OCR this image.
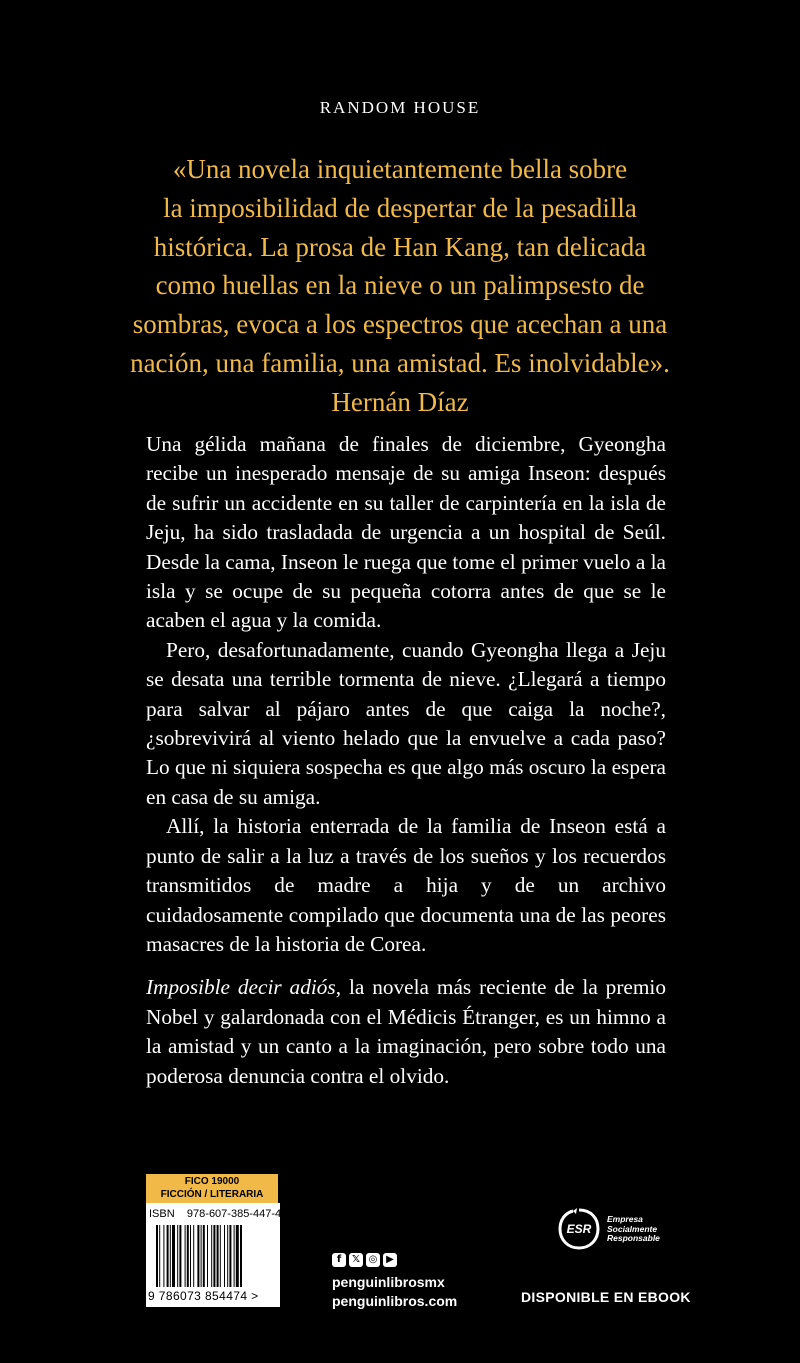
RANDOM HOUSE
«Una novela inquietantemente bella sobre
la imposibilidad de despertar de la pesadilla
histórica. La prosa de Han Kang, tan delicada
como huellas en la nieve o un palimpsesto de
sombras, evoca a los espectros que acechan a una
nación, una familia, una amistad. Es inolvidable».
Hernán Díaz

Una gélida mañana de finales de diciembre, Gyeongha recibe un inesperado mensaje de su amiga Inseon: después de sufrir un accidente en su taller de carpintería en la isla de Jeju, ha sido trasladada de urgencia a un hospital de Seúl. Desde la cama, Inseon le ruega que tome el primer vuelo a la isla y se ocupe de su pequeña cotorra antes de que se le acaben el agua y la comida.

Pero, desafortunadamente, cuando Gyeongha llega a Jeju se desata una terrible tormenta de nieve. ¿Llegará a tiempo para salvar al pájaro antes de que caiga la noche?, ¿sobrevivirá al viento helado que la envuelve a cada paso? Lo que ni siquiera sospecha es que algo más oscuro la espera en casa de su amiga.

Allí, la historia enterrada de la familia de Inseon está a punto de salir a la luz a través de los sueños y los recuerdos transmitidos de madre a hija y de un archivo cuidadosamente compilado que documenta una de las peores masacres de la historia de Corea.

Imposible decir adiós, la novela más reciente de la premio Nobel y galardonada con el Médicis Étranger, es un himno a la amistad y un canto a la imaginación, pero sobre todo una poderosa denuncia contra el olvido.

FICO 19000
FICCIÓN / LITERARIA
ISBN 978-607-385-447-4
9 786073 854474 >
f	𝕏 ◎ ▶
penguinlibrosmx
penguinlibros.com
ESR
Empresa
Socialmente
Responsable
DISPONIBLE EN EBOOK
